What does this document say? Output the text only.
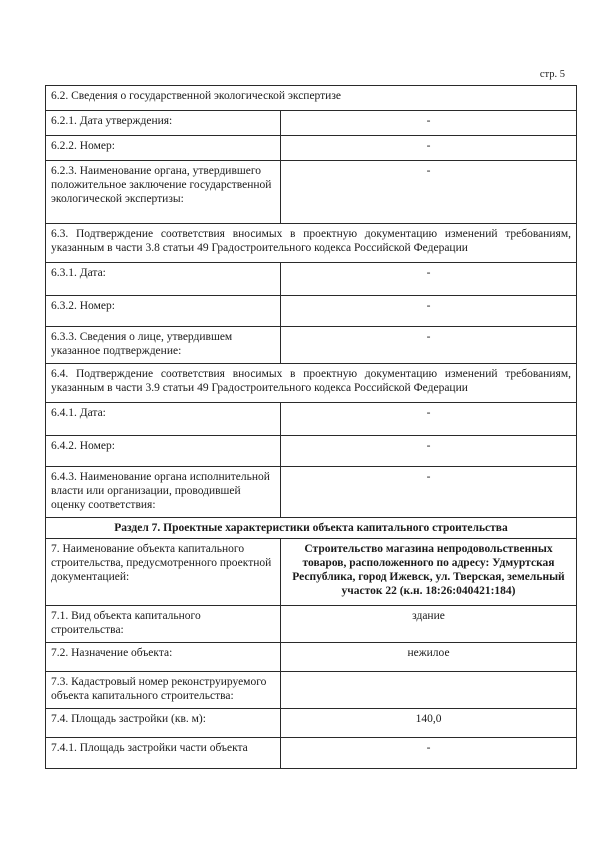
стр. 5
6.2. Сведения о государственной экологической экспертизе	
6.2.1. Дата утверждения:	-
6.2.2. Номер:	-
6.2.3. Наименование органа, утвердившего положительное заключение государственной экологической экспертизы:	-
6.3. Подтверждение соответствия вносимых в проектную документацию изменений требованиям, указанным в части 3.8 статьи 49 Градостроительного кодекса Российской Федерации	
6.3.1. Дата:	-
6.3.2. Номер:	-
6.3.3. Сведения о лице, утвердившем указанное подтверждение:	-
6.4. Подтверждение соответствия вносимых в проектную документацию изменений требованиям, указанным в части 3.9 статьи 49 Градостроительного кодекса Российской Федерации	
6.4.1. Дата:	-
6.4.2. Номер:	-
6.4.3. Наименование органа исполнительной власти или организации, проводившей оценку соответствия:	-
Раздел 7. Проектные характеристики объекта капитального строительства	
7. Наименование объекта капитального строительства, предусмотренного проектной документацией:	Строительство магазина непродовольственных товаров, расположенного по адресу: Удмуртская Республика, город Ижевск, ул. Тверская, земельный участок 22 (к.н. 18:26:040421:184)
7.1. Вид объекта капитального строительства:	здание
7.2. Назначение объекта:	нежилое
7.3. Кадастровый номер реконструируемого объекта капитального строительства:	
7.4. Площадь застройки (кв. м):	140,0
7.4.1. Площадь застройки части объекта	-
